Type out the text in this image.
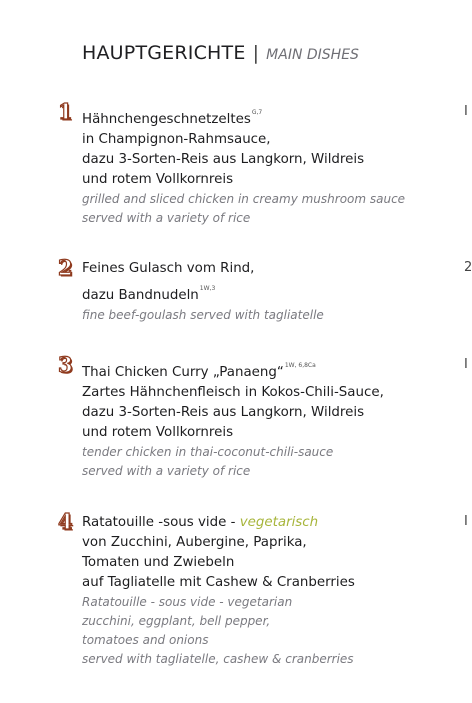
HAUPTGERICHTE | MAIN DISHES
1 Hähnchengeschnetzeltes$^{G,7}$
in Champignon-Rahmsauce,
dazu 3-Sorten-Reis aus Langkorn, Wildreis
und rotem Vollkornreis
grilled and sliced chicken in creamy mushroom sauce
served with a variety of rice
2 Feines Gulasch vom Rind,
dazu Bandnudeln$^{1W,3}$
fine beef-goulash served with tagliatelle
3 Thai Chicken Curry „Panaeng“$^{1W, 6,8Ca}$
Zartes Hähnchenfleisch in Kokos-Chili-Sauce,
dazu 3-Sorten-Reis aus Langkorn, Wildreis
und rotem Vollkornreis
tender chicken in thai-coconut-chili-sauce
served with a variety of rice
4 Ratatouille -sous vide - vegetarisch
von Zucchini, Aubergine, Paprika,
Tomaten und Zwiebeln
auf Tagliatelle mit Cashew & Cranberries
Ratatouille - sous vide - vegetarian
zucchini, eggplant, bell pepper,
tomatoes and onions
served with tagliatelle, cashew & cranberries
I
2
I
I
